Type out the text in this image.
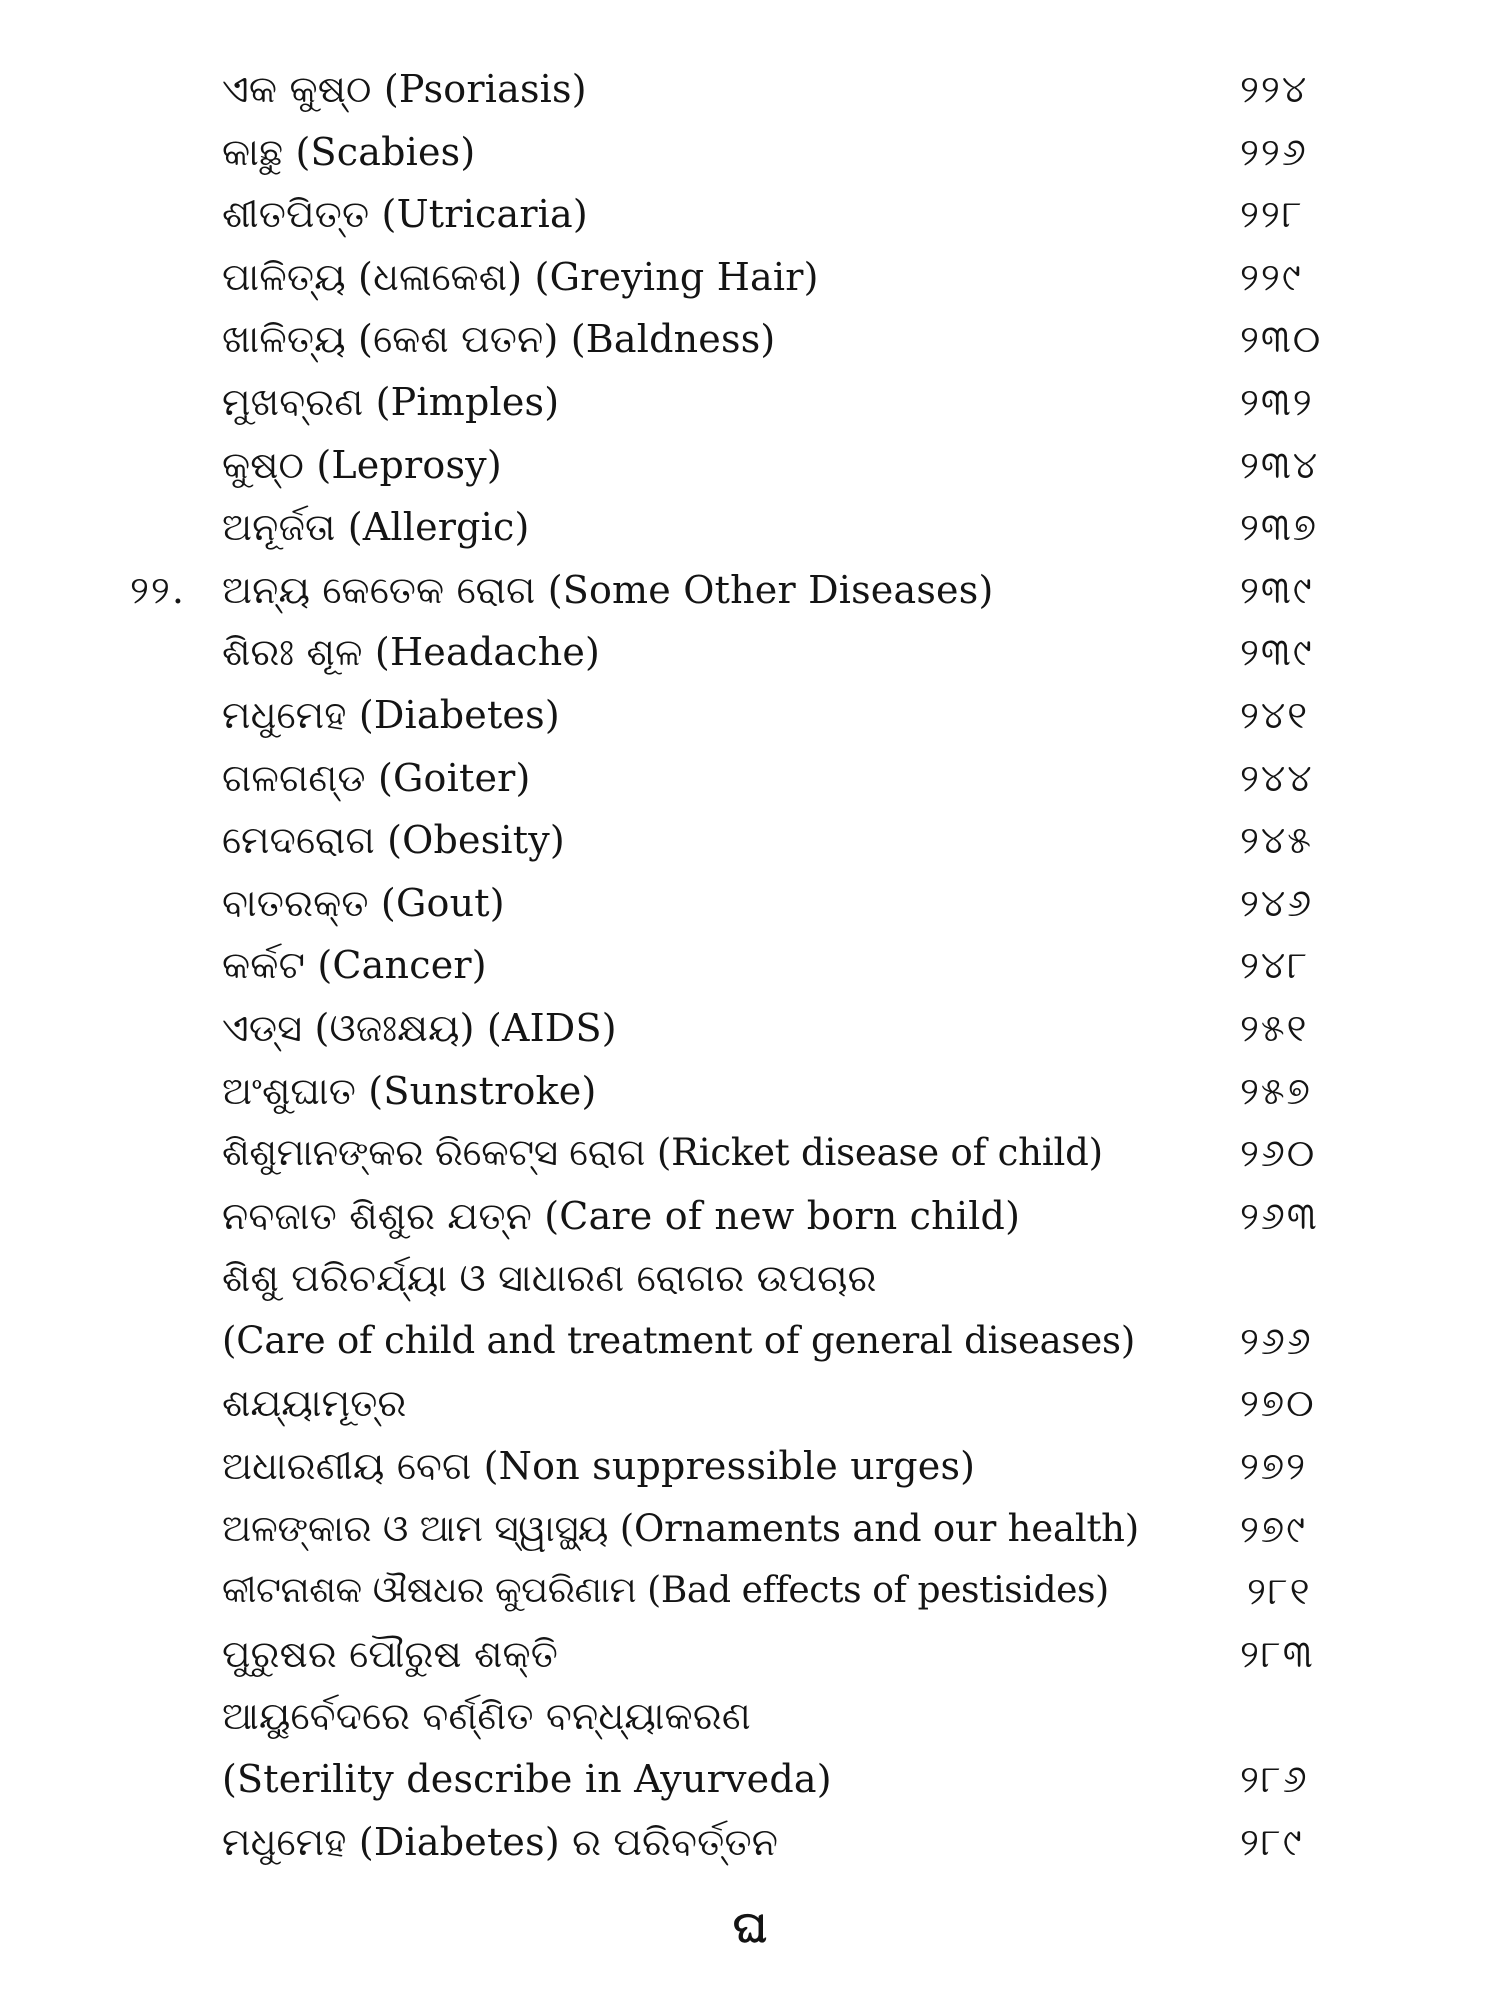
ଏକ କୁଷ୍ଠ (Psoriasis)	୨୨୪
କାଛୁ (Scabies)	୨୨୬
ଶୀତପିତ୍ତ (Utricaria)	୨୨୮
ପାଳିତ୍ୟ (ଧଳାକେଶ) (Greying Hair)	୨୨୯
ଖାଳିତ୍ୟ (କେଶ ପତନ) (Baldness)	୨୩୦
ମୁଖବ୍ରଣ (Pimples)	୨୩୨
କୁଷ୍ଠ (Leprosy)	୨୩୪
ଅନୂର୍ଜତା (Allergic)	୨୩୭
୨୨. ଅନ୍ୟ କେତେକ ରୋଗ (Some Other Diseases)	୨୩୯
ଶିରଃ ଶୂଳ (Headache)	୨୩୯
ମଧୁମେହ (Diabetes)	୨୪୧
ଗଳଗଣ୍ଡ (Goiter)	୨୪୪
ମେଦରୋଗ (Obesity)	୨୪୫
ବାତରକ୍ତ (Gout)	୨୪୬
କର୍କଟ (Cancer)	୨୪୮
ଏଡ୍ସ (ଓଜଃକ୍ଷୟ) (AIDS)	୨୫୧
ଅଂଶୁଘାତ (Sunstroke)	୨୫୭
ଶିଶୁମାନଙ୍କର ରିକେଟ୍ସ ରୋଗ (Ricket disease of child)	୨୬୦
ନବଜାତ ଶିଶୁର ଯତ୍ନ (Care of new born child)	୨୬୩
ଶିଶୁ ପରିଚର୍ଯ୍ୟା ଓ ସାଧାରଣ ରୋଗର ଉପଚାର
(Care of child and treatment of general diseases)	୨୬୬
ଶଯ୍ୟାମୂତ୍ର	୨୭୦
ଅଧାରଣୀୟ ବେଗ (Non suppressible urges)	୨୭୨
ଅଳଙ୍କାର ଓ ଆମ ସ୍ୱାସ୍ଥ୍ୟ (Ornaments and our health)	୨୭୯
କୀଟନାଶକ ଔଷଧର କୁପରିଣାମ (Bad effects of pestisides)	୨୮୧
ପୁରୁଷର ପୌରୁଷ ଶକ୍ତି	୨୮୩
ଆୟୁର୍ବେଦରେ ବର୍ଣ୍ଣିତ ବନ୍ଧ୍ୟାକରଣ
(Sterility describe in Ayurveda)	୨୮୬
ମଧୁମେହ (Diabetes) ର ପରିବର୍ତ୍ତନ	୨୮୯
ଘ
